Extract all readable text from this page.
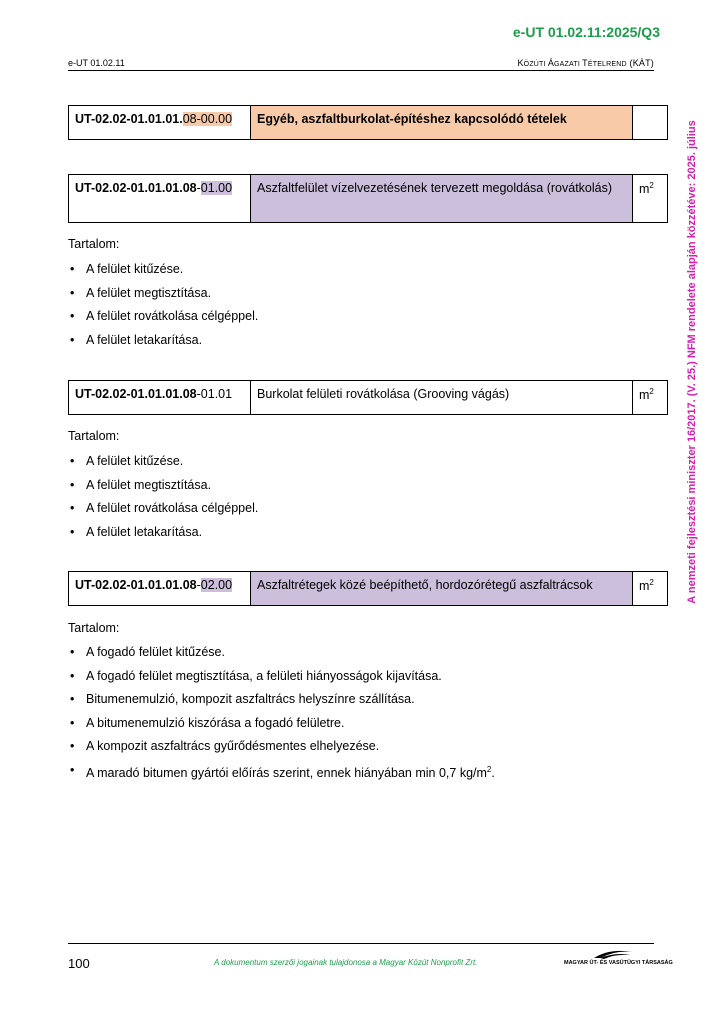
e-UT 01.02.11:2025/Q3
e-UT 01.02.11	KÖZÚTI ÁGAZATI TÉTELREND (KÁT)
A nemzeti fejlesztési miniszter 16/2017. (V. 25.) NFM rendelete alapján közzétéve: 2025. július
UT-02.02-01.01.01.08-00.00	Egyéb, aszfaltburkolat-építéshez kapcsolódó tételek	
UT-02.02-01.01.01.08-01.00	Aszfaltfelület vízelvezetésének tervezett megoldása (rovátkolás)	$m^2$
Tartalom:
• A felület kitűzése.
• A felület megtisztítása.
• A felület rovátkolása célgéppel.
• A felület letakarítása.
UT-02.02-01.01.01.08-01.01	Burkolat felületi rovátkolása (Grooving vágás)	$m^2$
Tartalom:
• A felület kitűzése.
• A felület megtisztítása.
• A felület rovátkolása célgéppel.
• A felület letakarítása.
UT-02.02-01.01.01.08-02.00	Aszfaltrétegek közé beépíthető, hordozórétegű aszfaltrácsok	$m^2$
Tartalom:
• A fogadó felület kitűzése.
• A fogadó felület megtisztítása, a felületi hiányosságok kijavítása.
• Bitumenemulzió, kompozit aszfaltrács helyszínre szállítása.
• A bitumenemulzió kiszórása a fogadó felületre.
• A kompozit aszfaltrács gyűrődésmentes elhelyezése.
• A maradó bitumen gyártói előírás szerint, ennek hiányában min 0,7 $kg/m^2$.
100	A dokumentum szerzői jogainak tulajdonosa a Magyar Közút Nonprofit Zrt.	MAGYAR ÚT- ÉS VASÚTÜGYI TÁRSASÁG
